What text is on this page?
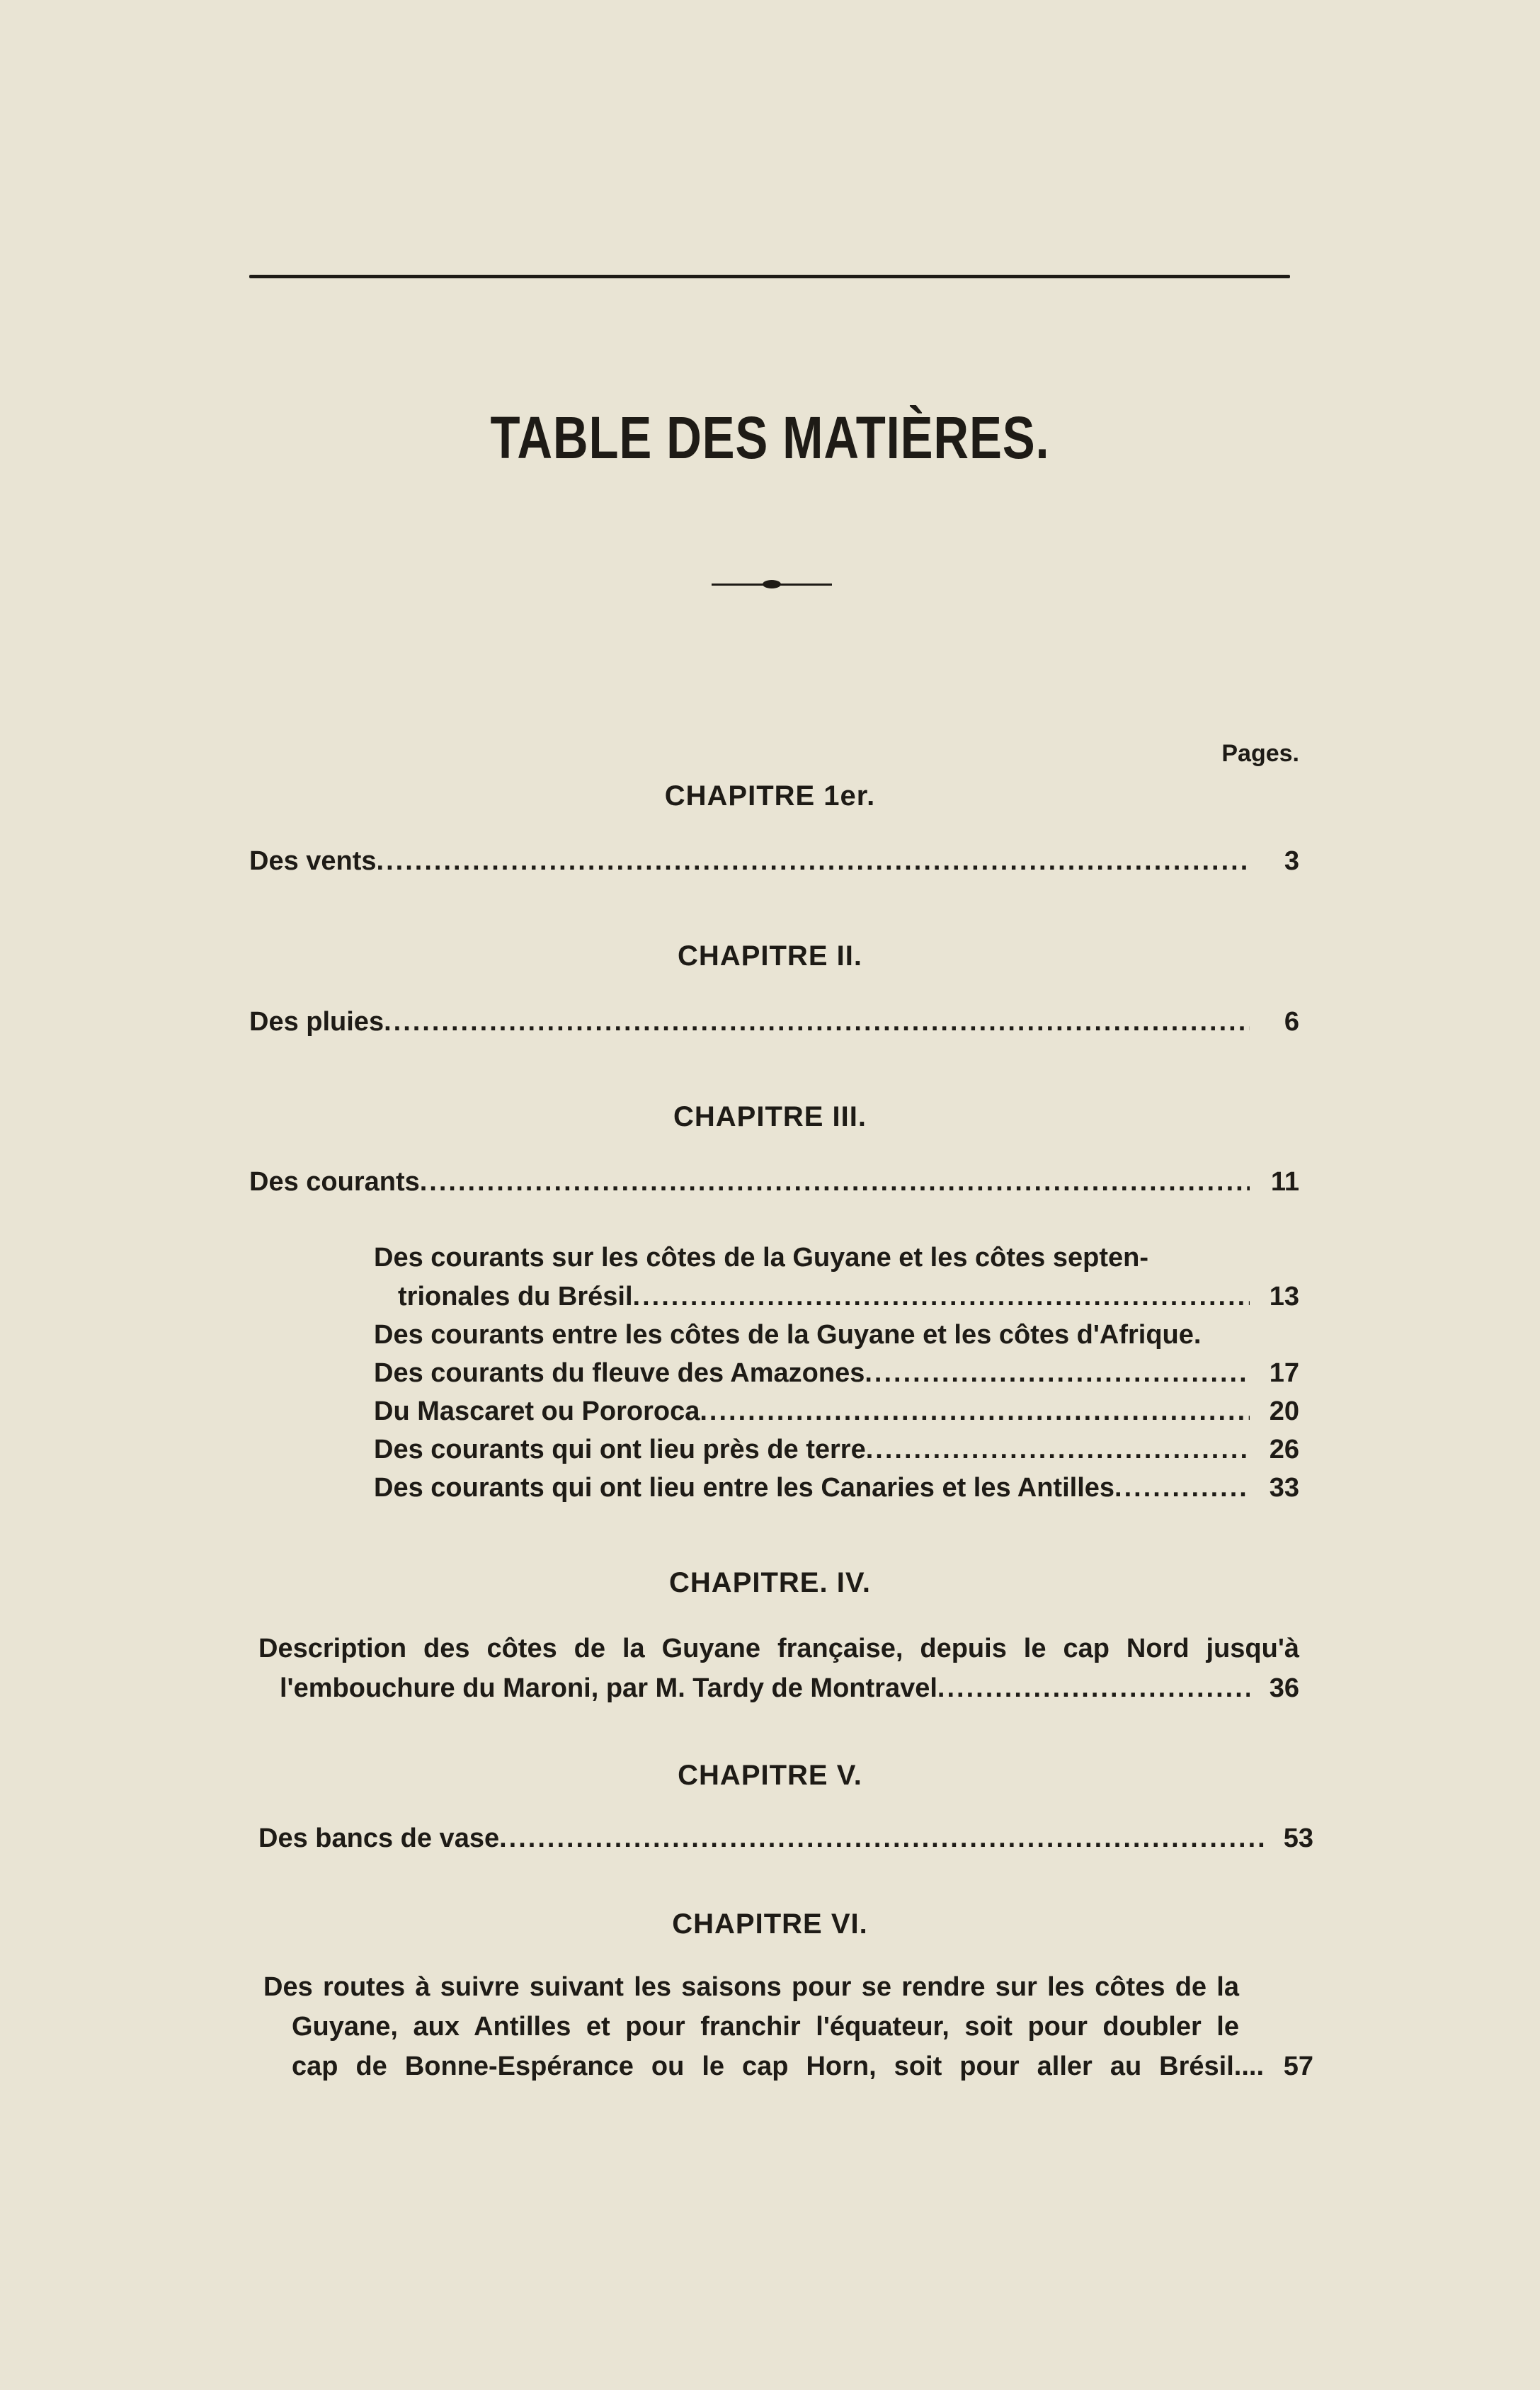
TABLE DES MATIÈRES.
Pages.
CHAPITRE 1er.
Des vents .....	3
CHAPITRE II.
Des pluies .....	6
CHAPITRE III.
Des courants .....	11
Des courants sur les côtes de la Guyane et les côtes septen-
trionales du Brésil .....	13
Des courants entre les côtes de la Guyane et les côtes d'Afrique.
Des courants du fleuve des Amazones .....	17
Du Mascaret ou Pororoca .....	20
Des courants qui ont lieu près de terre .....	26
Des courants qui ont lieu entre les Canaries et les Antilles .....	33
CHAPITRE. IV.
Description des côtes de la Guyane française, depuis le cap Nord jusqu'à
l'embouchure du Maroni, par M. Tardy de Montravel .....	36
CHAPITRE V.
Des bancs de vase .....	53
CHAPITRE VI.
Des routes à suivre suivant les saisons pour se rendre sur les côtes de la
Guyane, aux Antilles et pour franchir l'équateur, soit pour doubler le
cap de Bonne-Espérance ou le cap Horn, soit pour aller au Brésil.... 57
